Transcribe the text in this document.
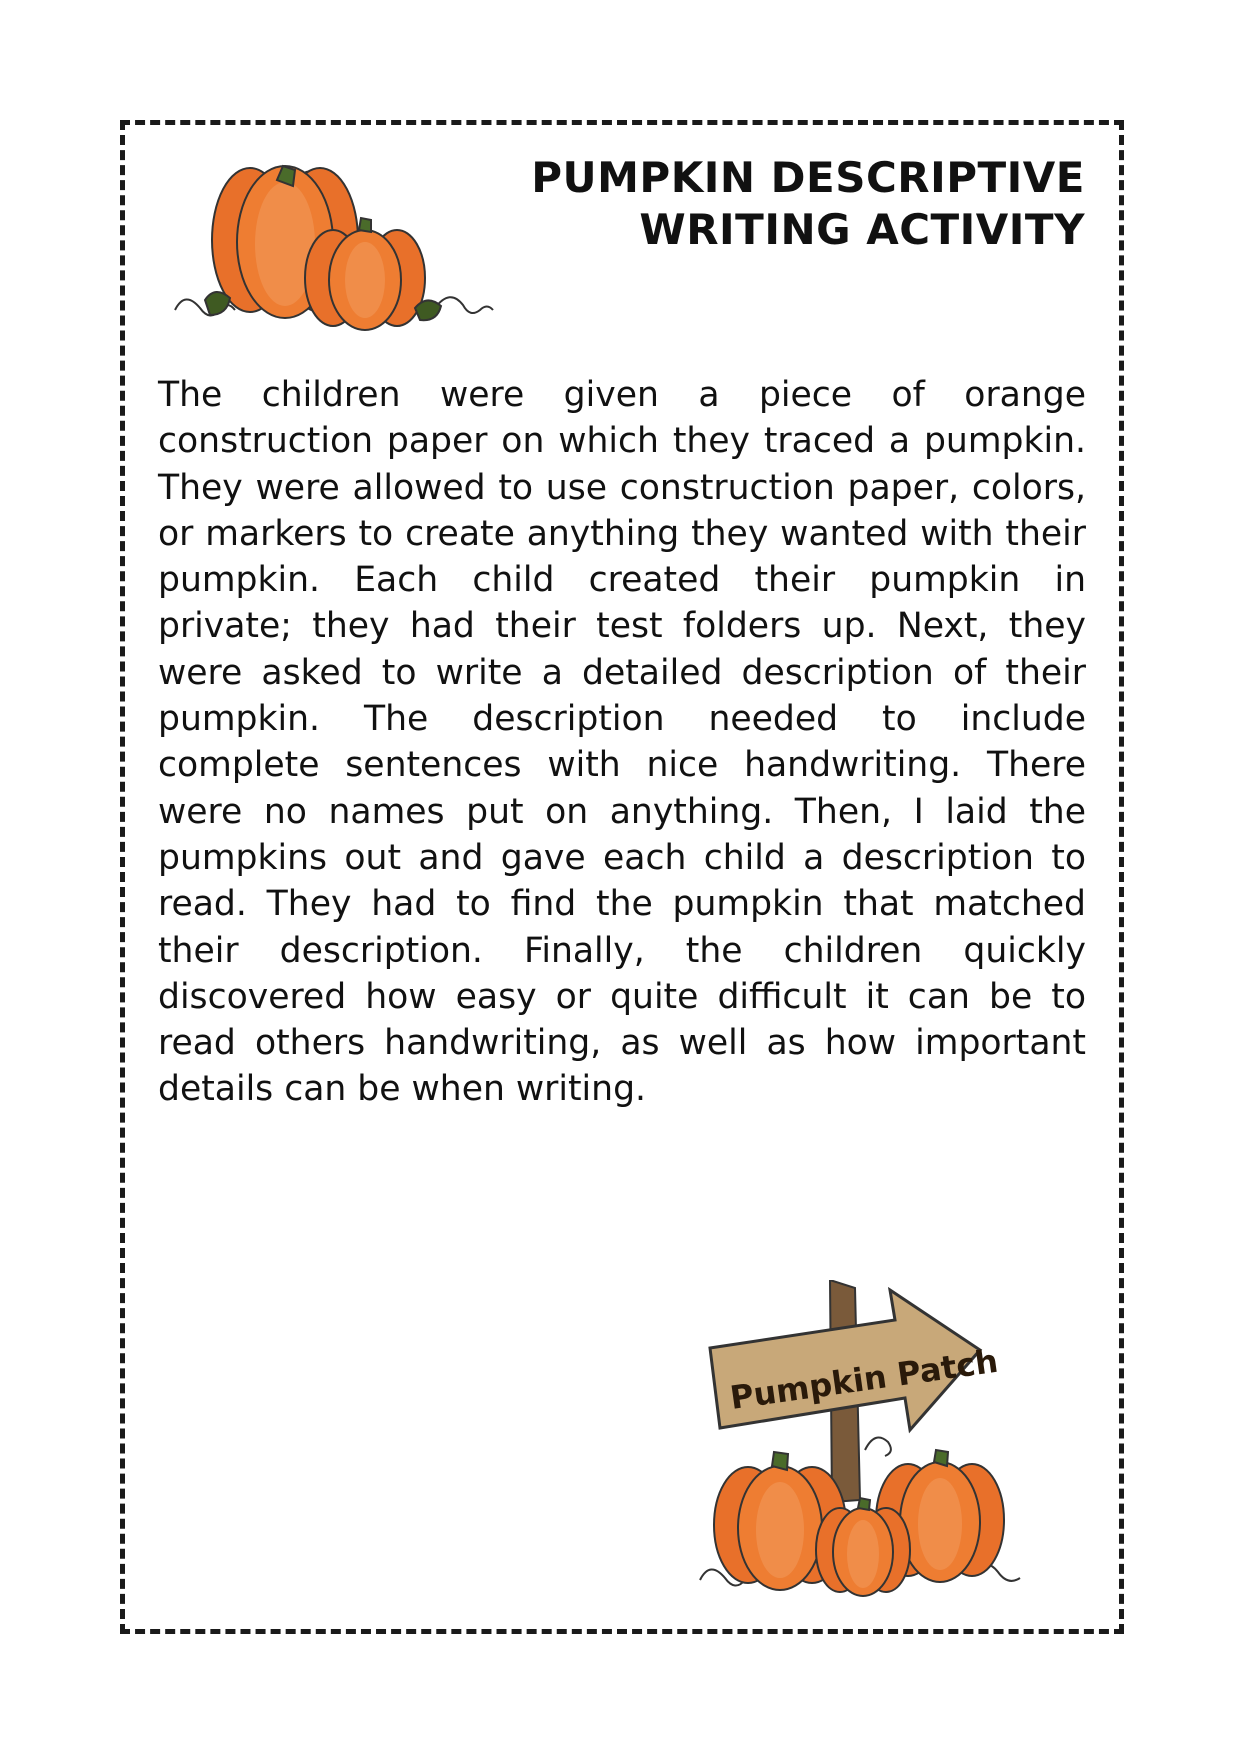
PUMPKIN DESCRIPTIVE
WRITING ACTIVITY

The children were given a piece of orange construction paper on which they traced a pumpkin. They were allowed to use construction paper, colors, or markers to create anything they wanted with their pumpkin. Each child created their pumpkin in private; they had their test folders up. Next, they were asked to write a detailed description of their pumpkin. The description needed to include complete sentences with nice handwriting. There were no names put on anything. Then, I laid the pumpkins out and gave each child a description to read. They had to find the pumpkin that matched their description. Finally, the children quickly discovered how easy or quite difficult it can be to read others handwriting, as well as how important details can be when writing.

Pumpkin Patch
